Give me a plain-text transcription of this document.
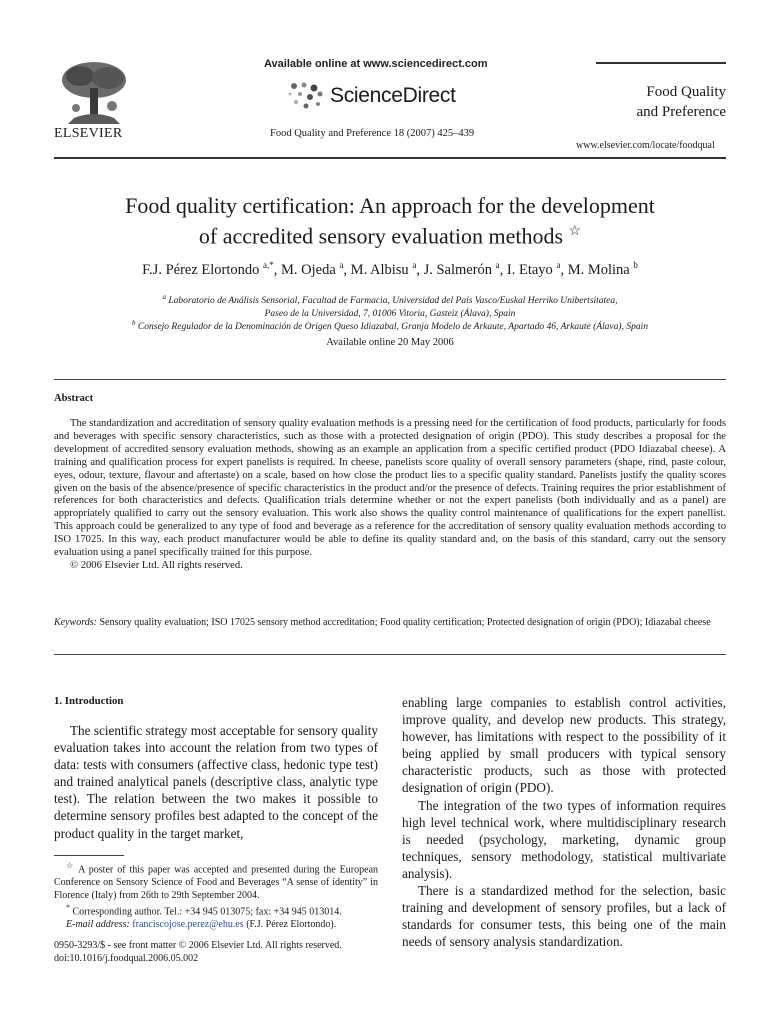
ELSEVIER
Available online at www.sciencedirect.com
ScienceDirect
Food Quality and Preference 18 (2007) 425–439
Food Quality
and Preference
www.elsevier.com/locate/foodqual
Food quality certification: An approach for the development
of accredited sensory evaluation methods ☆
F.J. Pérez Elortondo $^{a,*}$, M. Ojeda $^a$, M. Albisu $^a$, J. Salmerón $^a$, I. Etayo $^a$, M. Molina $^b$
$^a$ Laboratorio de Análisis Sensorial, Facultad de Farmacia, Universidad del País Vasco/Euskal Herriko Unibertsitatea,
Paseo de la Universidad, 7, 01006 Vitoria, Gasteiz (Álava), Spain
$^b$ Consejo Regulador de la Denominación de Origen Queso Idiazabal, Granja Modelo de Arkaute, Apartado 46, Arkaute (Álava), Spain
Available online 20 May 2006
Abstract

The standardization and accreditation of sensory quality evaluation methods is a pressing need for the certification of food products, particularly for foods and beverages with specific sensory characteristics, such as those with a protected designation of origin (PDO). This study describes a proposal for the development of accredited sensory evaluation methods, showing as an example an application from a specific certified product (PDO Idiazabal cheese). A training and qualification process for expert panelists is required. In cheese, panelists score quality of overall sensory parameters (shape, rind, paste colour, eyes, odour, texture, flavour and aftertaste) on a scale, based on how close the product lies to a specific quality standard. Panelists justify the quality scores given on the basis of the absence/presence of specific characteristics in the product and/or the presence of defects. Training requires the prior establishment of references for both characteristics and defects. Qualification trials determine whether or not the expert panelists (both individually and as a panel) are appropriately qualified to carry out the sensory evaluation. This work also shows the quality control maintenance of qualifications for the expert panellist. This approach could be generalized to any type of food and beverage as a reference for the accreditation of sensory quality evaluation methods according to ISO 17025. In this way, each product manufacturer would be able to define its quality standard and, on the basis of this standard, carry out the sensory evaluation using a panel specifically trained for this purpose.

© 2006 Elsevier Ltd. All rights reserved.

Keywords: Sensory quality evaluation; ISO 17025 sensory method accreditation; Food quality certification; Protected designation of origin (PDO); Idiazabal cheese
1. Introduction

The scientific strategy most acceptable for sensory quality evaluation takes into account the relation from two types of data: tests with consumers (affective class, hedonic type test) and trained analytical panels (descriptive class, analytic type test). The relation between the two makes it possible to determine sensory profiles best adapted to the concept of the product quality in the target market,

enabling large companies to establish control activities, improve quality, and develop new products. This strategy, however, has limitations with respect to the possibility of it being applied by small producers with typical sensory characteristic products, such as those with protected designation of origin (PDO).

The integration of the two types of information requires high level technical work, where multidisciplinary research is needed (psychology, marketing, dynamic group techniques, sensory methodology, statistical multivariate analysis).

There is a standardized method for the selection, basic training and development of sensory profiles, but a lack of standards for consumer tests, this being one of the main needs of sensory analysis standardization.

☆ A poster of this paper was accepted and presented during the European Conference on Sensory Science of Food and Beverages “A sense of identity” in Florence (Italy) from 26th to 29th September 2004.

* Corresponding author. Tel.: +34 945 013075; fax: +34 945 013014.

E-mail address: franciscojose.perez@ehu.es (F.J. Pérez Elortondo).

0950-3293/$ - see front matter © 2006 Elsevier Ltd. All rights reserved.
doi:10.1016/j.foodqual.2006.05.002
